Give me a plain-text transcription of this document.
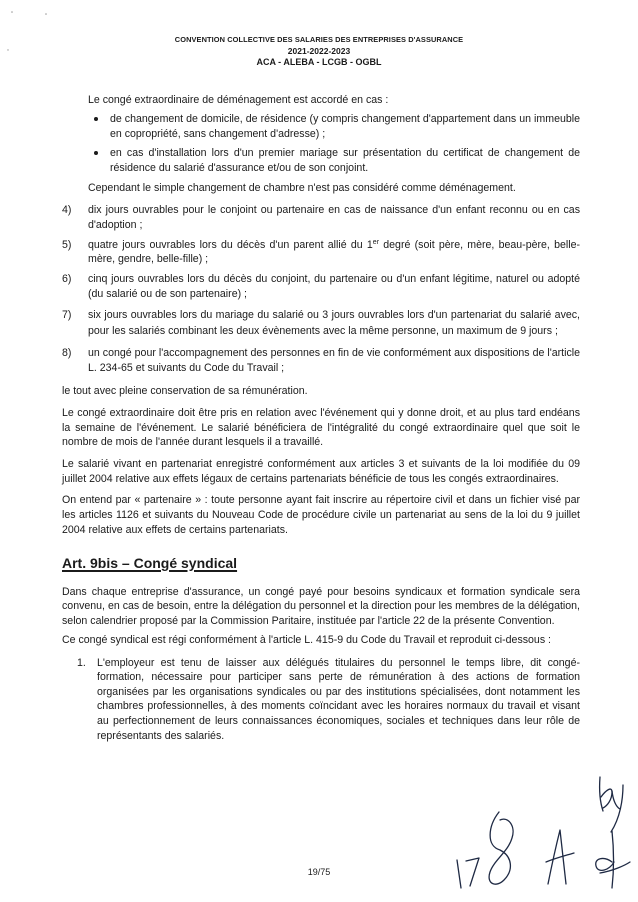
CONVENTION COLLECTIVE DES SALARIES DES ENTREPRISES D'ASSURANCE
2021-2022-2023
ACA - ALEBA - LCGB - OGBL
Le congé extraordinaire de déménagement est accordé en cas :
de changement de domicile, de résidence (y compris changement d'appartement dans un immeuble
en copropriété, sans changement d'adresse) ;
en cas d'installation lors d'un premier mariage sur présentation du certificat de changement de
résidence du salarié d'assurance et/ou de son conjoint.
Cependant le simple changement de chambre n'est pas considéré comme déménagement.
4) dix jours ouvrables pour le conjoint ou partenaire en cas de naissance d'un enfant reconnu ou en cas
d'adoption ;
5) quatre jours ouvrables lors du décès d'un parent allié du 1er degré (soit père, mère, beau-père, belle-
mère, gendre, belle-fille) ;
6) cinq jours ouvrables lors du décès du conjoint, du partenaire ou d'un enfant légitime, naturel ou adopté
(du salarié ou de son partenaire) ;
7) six jours ouvrables lors du mariage du salarié ou 3 jours ouvrables lors d'un partenariat du salarié avec,
pour les salariés combinant les deux évènements avec la même personne, un maximum de 9 jours ;
8) un congé pour l'accompagnement des personnes en fin de vie conformément aux dispositions de l'article
L. 234-65 et suivants du Code du Travail ;
le tout avec pleine conservation de sa rémunération.
Le congé extraordinaire doit être pris en relation avec l'événement qui y donne droit, et au plus tard endéans
la semaine de l'événement. Le salarié bénéficiera de l'intégralité du congé extraordinaire quel que soit le
nombre de mois de l'année durant lesquels il a travaillé.
Le salarié vivant en partenariat enregistré conformément aux articles 3 et suivants de la loi modifiée du 09
juillet 2004 relative aux effets légaux de certains partenariats bénéficie de tous les congés extraordinaires.
On entend par « partenaire » : toute personne ayant fait inscrire au répertoire civil et dans un fichier visé par
les articles 1126 et suivants du Nouveau Code de procédure civile un partenariat au sens de la loi du 9 juillet
2004 relative aux effets de certains partenariats.
Art. 9bis – Congé syndical
Dans chaque entreprise d'assurance, un congé payé pour besoins syndicaux et formation syndicale sera
convenu, en cas de besoin, entre la délégation du personnel et la direction pour les membres de la délégation,
selon calendrier proposé par la Commission Paritaire, instituée par l'article 22 de la présente Convention.
Ce congé syndical est régi conformément à l'article L. 415-9 du Code du Travail et reproduit ci-dessous :
1. L'employeur est tenu de laisser aux délégués titulaires du personnel le temps libre, dit congé-
formation, nécessaire pour participer sans perte de rémunération à des actions de formation
organisées par les organisations syndicales ou par des institutions spécialisées, dont notamment les
chambres professionnelles, à des moments coïncidant avec les horaires normaux du travail et visant
au perfectionnement de leurs connaissances économiques, sociales et techniques dans leur rôle de
représentants des salariés.
19/75
